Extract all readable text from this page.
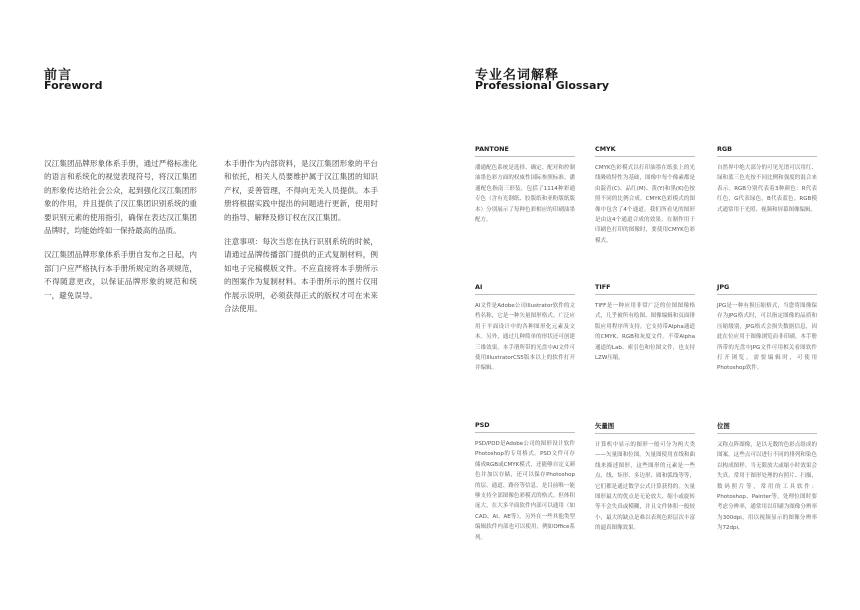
前言
Foreword

汉江集团品牌形象体系手册，通过严格标准化的语言和系统化的视觉表现符号，将汉江集团的形象传达给社会公众，起到强化汉江集团形象的作用，并且提供了汉江集团识别系统的重要识别元素的使用指引，确保在表达汉江集团品牌时，均能始终如一保持最高的品质。

汉江集团品牌形象体系手册自发布之日起，内部门户应严格执行本手册所规定的各项规范，不得随意更改，以保证品牌形象的规范和统一，避免误导。

本手册作为内部资料，是汉江集团形象的平台和依托，相关人员要维护属于汉江集团的知识产权，妥善管理，不得向无关人员提供。本手册将根据实践中提出的问题进行更新，使用时的指导、解释及修订权在汉江集团。

注意事项：每次当您在执行识别系统的时候，请通过品牌传播部门提供的正式复制材料，例如电子完稿模版文件。不应直接将本手册所示的图案作为复制材料。本手册所示的图片仅用作展示说明，必须获得正式的版权才可在未来合法使用。

专业名词解释
Professional Glossary
PANTONE
潘通配色系统是选择、确定、配对和控制油墨色彩方面的权威性国际参照标准。潘通配色指南三形装，包括了1114种彩通专色（含有光钢纸、胶版纸和亚粉版纸版本）分别展示了每种色彩相应的印刷油墨配方。
CMYK
CMYK色彩模式以打印油墨在纸张上的光线吸收特性为基础，图像中每个像素都是由靛青(C)、品红(M)、黄(Y)和黑(K)色按照不同的比例合成。CMYK色彩模式的图像中包含了4个通道，我们所看见的图形是由这4个通道合成的效果。在制作用于印刷色打印的图像时，要使用CMYK色彩模式。
RGB
自然界中绝大部分的可见光谱可以用红、绿和蓝三色光按不同比例和强度的混合来表示。RGB分别代表着3种颜色：R代表红色，G代表绿色，B代表蓝色。RGB模式通常用于光照、视频和屏幕图像编辑。
AI
AI文件是Adobe公司Illustrator软件的文档名称，它是一种矢量图形格式。广泛应用于平面设计中的各种图形化元素及文本。另外，通过几种简单的形状还可创建三维效果。本手册所带的光盘中AI文件可使用IllustratorCS5版本以上的软件打开并编辑。
TIFF
TIFF是一种应用非常广泛的位图图像格式，几乎被所有绘图、图像编辑和页面排版应用程序所支持。它支持带Alpha通道的CMYK、RGB和灰度文件。不带Alpha通道的Lab、索引色和位图文件，也支持LZW压缩。
JPG
JPG是一种有损压缩格式，当您将图像保存为JPG格式时，可以指定图像的品质和压缩级别，JPG格式会损失数据信息，因此在位应用于图像浏览而非印刷。本手册所带的光盘中JPG文件可用相关看图软件打开浏览，需要编辑时，可使用Photoshop软件。
PSD
PSD/PDD是Adobe公司的图形设计软件Photoshop的专用格式。PSD文件可存储成RGB或CMYK模式，还能够自定义颜色并加以存储，还可以保存Photoshop的层、通道、路径等信息，是目前唯一能够支持全部图像色彩模式的格式。但体积庞大，在大多平面软件内部可以通用（如CAD、AI、AE等）。另外在一些其他类型编辑软件内部也可以使用，例如Office系列。
矢量图
计算机中显示的图形一般可分为两大类——矢量图和位图。矢量图使用直线和曲线来描述图形，这些图形的元素是一些点、线、矩形、多边形、圆和弧线等等，它们都是通过数学公式计算获得的。矢量图形最大的优点是无论放大、缩小或旋转等不会失真或模糊，并且文件体积一般较小，最大的缺点是难以表现色彩层次丰富的逼真图像效果。
位图
又称点阵图像，是以无数的色彩点组成的图案，这些点可以进行不同的排列和染色以构成图样。当无限放大或缩小时效果会失真。常用于图形处理的有照片、扫描、数码照片等，常用的工具软件：Photoshop、Painter等。处理位图时要考虑分辨率，通常用以印刷为图像分辨率为300dpi，用以视频显示的图像分辨率为72dpi。
